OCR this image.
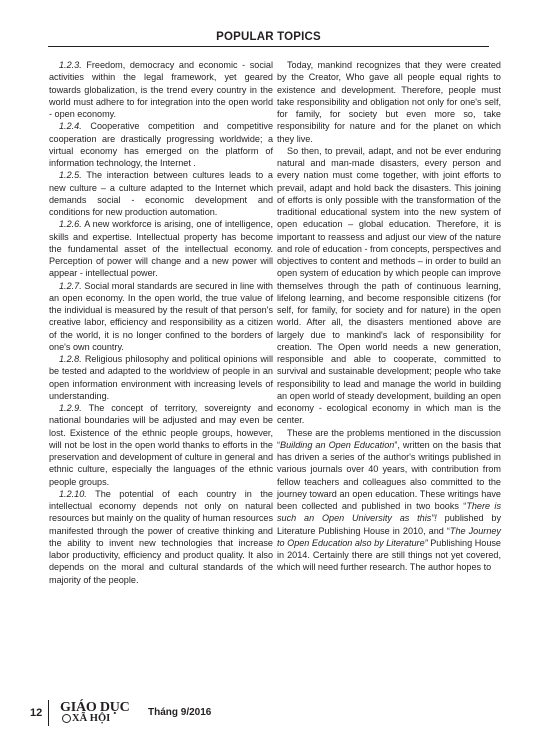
POPULAR TOPICS

1.2.3. Freedom, democracy and economic - social activities within the legal framework, yet geared towards globalization, is the trend every country in the world must adhere to for integration into the open world - open economy.

1.2.4. Cooperative competition and competitive cooperation are drastically progressing worldwide; a virtual economy has emerged on the platform of information technology, the Internet .

1.2.5. The interaction between cultures leads to a new culture – a culture adapted to the Internet which demands social - economic development and conditions for new production automation.

1.2.6. A new workforce is arising, one of intelligence, skills and expertise. Intellectual property has become the fundamental asset of the intellectual economy. Perception of power will change and a new power will appear - intellectual power.

1.2.7. Social moral standards are secured in line with an open economy. In the open world, the true value of the individual is measured by the result of that person's creative labor, efficiency and responsibility as a citizen of the world, it is no longer confined to the borders of one's own country.

1.2.8. Religious philosophy and political opinions will be tested and adapted to the worldview of people in an open information environment with increasing levels of understanding.

1.2.9. The concept of territory, sovereignty and national boundaries will be adjusted and may even be lost. Existence of the ethnic people groups, however, will not be lost in the open world thanks to efforts in the preservation and development of culture in general and ethnic culture, especially the languages of the ethnic people groups.

1.2.10. The potential of each country in the intellectual economy depends not only on natural resources but mainly on the quality of human resources manifested through the power of creative thinking and the ability to invent new technologies that increase labor productivity, efficiency and product quality. It also depends on the moral and cultural standards of the majority of the people.

Today, mankind recognizes that they were created by the Creator, Who gave all people equal rights to existence and development. Therefore, people must take responsibility and obligation not only for one's self, for family, for society but even more so, take responsibility for nature and for the planet on which they live.

So then, to prevail, adapt, and not be ever enduring natural and man-made disasters, every person and every nation must come together, with joint efforts to prevail, adapt and hold back the disasters. This joining of efforts is only possible with the transformation of the traditional educational system into the new system of open education – global education. Therefore, it is important to reassess and adjust our view of the nature and role of education - from concepts, perspectives and objectives to content and methods – in order to build an open system of education by which people can improve themselves through the path of continuous learning, lifelong learning, and become responsible citizens (for self, for family, for society and for nature) in the open world. After all, the disasters mentioned above are largely due to mankind's lack of responsibility for creation. The Open world needs a new generation, responsible and able to cooperate, committed to survival and sustainable development; people who take responsibility to lead and manage the world in building an open world of steady development, building an open economy - ecological economy in which man is the center.

These are the problems mentioned in the discussion “Building an Open Education”, written on the basis that has driven a series of the author's writings published in various journals over 40 years, with contribution from fellow teachers and colleagues also committed to the journey toward an open education. These writings have been collected and published in two books “There is such an Open University as this”! published by Literature Publishing House in 2010, and “The Journey to Open Education also by Literature” Publishing House in 2014. Certainly there are still things not yet covered, which will need further research. The author hopes to

12 GIÁO DỤC
XÃ HỘI
Tháng 9/2016
